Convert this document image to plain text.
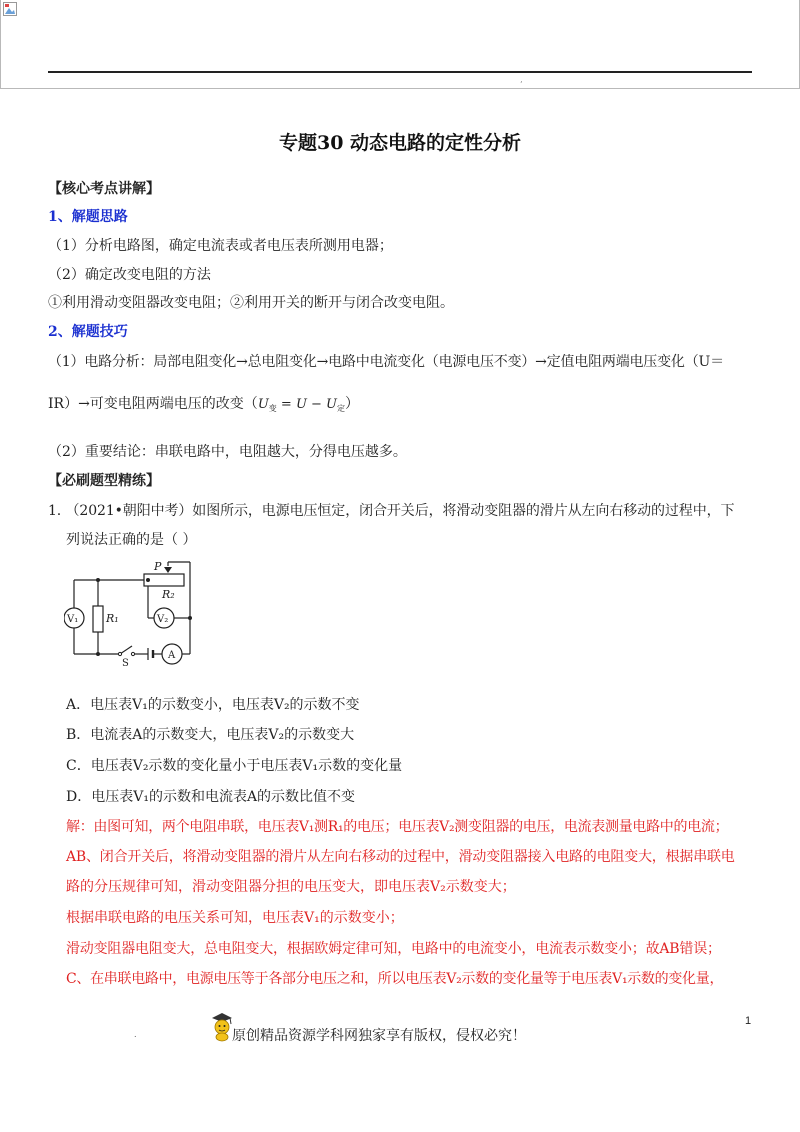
’
专题30 动态电路的定性分析
【核心考点讲解】
1、解题思路
（1）分析电路图，确定电流表或者电压表所测用电器；
（2）确定改变电阻的方法
①利用滑动变阻器改变电阻；②利用开关的断开与闭合改变电阻。
2、解题技巧
（1）电路分析：局部电阻变化→总电阻变化→电路中电流变化（电源电压不变）→定值电阻两端电压变化（U＝
IR）→可变电阻两端电压的改变$(U_变 = U - U_定)$
（2）重要结论：串联电路中，电阻越大，分得电压越多。
【必刷题型精练】
1. （2021•朝阳中考）如图所示，电源电压恒定，闭合开关后，将滑动变阻器的滑片从左向右移动的过程中，下
列说法正确的是（ ）
P
R₂
R₁
V₁	V₂
A
S
A．电压表V₁的示数变小，电压表V₂的示数不变
B．电流表A的示数变大，电压表V₂的示数变大
C．电压表V₂示数的变化量小于电压表V₁示数的变化量
D．电压表V₁的示数和电流表A的示数比值不变
解：由图可知，两个电阻串联，电压表V₁测R₁的电压；电压表V₂测变阻器的电压，电流表测量电路中的电流；
AB、闭合开关后，将滑动变阻器的滑片从左向右移动的过程中，滑动变阻器接入电路的电阻变大，根据串联电
路的分压规律可知，滑动变阻器分担的电压变大，即电压表V₂示数变大；
根据串联电路的电压关系可知，电压表V₁的示数变小；
滑动变阻器电阻变大，总电阻变大，根据欧姆定律可知，电路中的电流变小，电流表示数变小；故AB错误；
C、在串联电路中，电源电压等于各部分电压之和，所以电压表V₂示数的变化量等于电压表V₁示数的变化量，
1
.	原创精品资源学科网独家享有版权，侵权必究！
